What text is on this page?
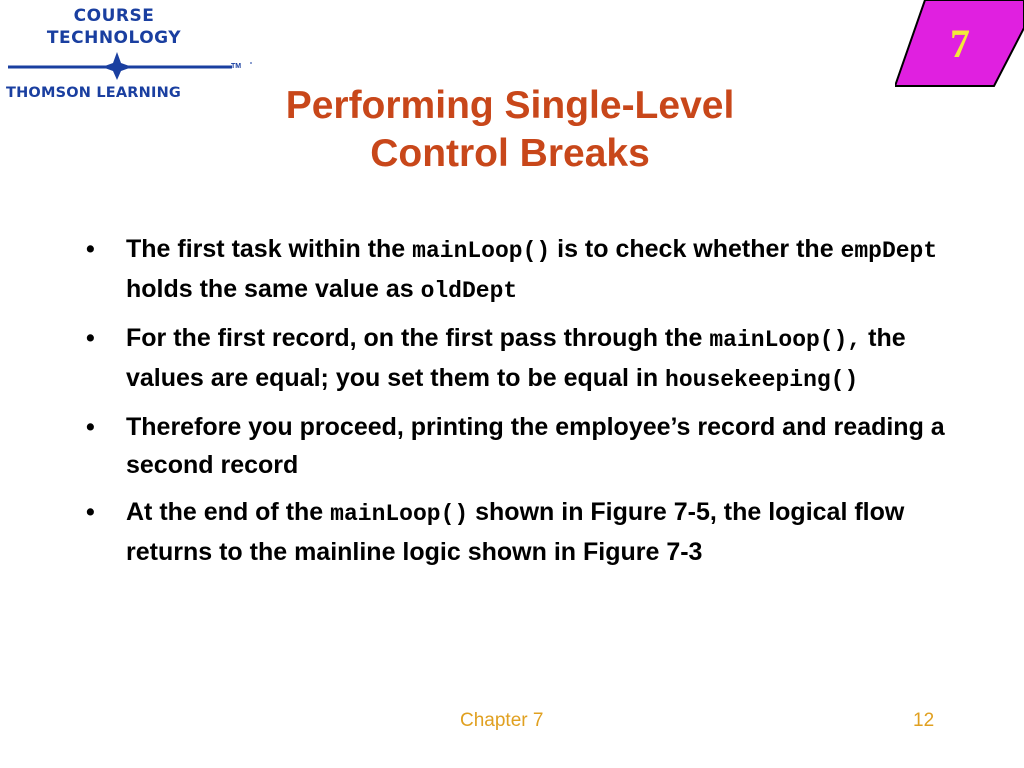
COURSE
TECHNOLOGY
TM
THOMSON LEARNING
7
Performing Single-Level
Control Breaks
• The first task within the mainLoop() is to check whether the empDept  holds the same value as oldDept
• For the first record, on the first pass through the mainLoop(), the values are equal; you set them to be equal in housekeeping()
• Therefore you proceed, printing the employee’s record and reading a second record
• At the end of the mainLoop() shown in Figure 7-5, the logical flow returns to the mainline logic shown in Figure 7-3
Chapter 7	12
